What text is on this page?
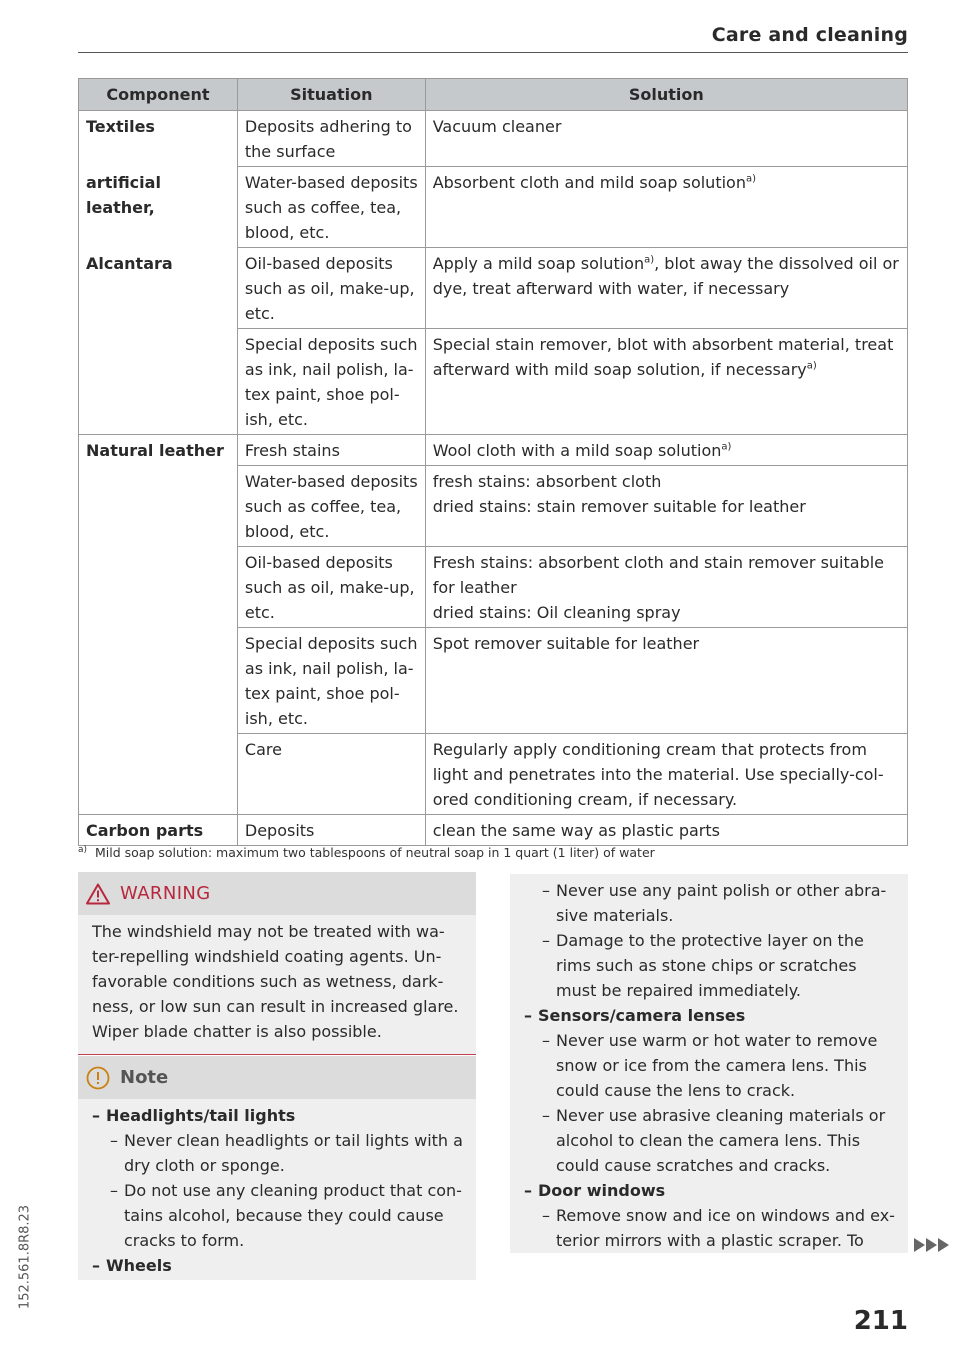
Care and cleaning
152.561.8R8.23
Component	Situation	Solution
Textiles	Deposits adhering to the surface	Vacuum cleaner
artificial leather,	Water-based deposits such as coffee, tea, blood, etc.	Absorbent cloth and mild soap solution$^{a)}$
Alcantara	Oil-based deposits such as oil, make-up, etc.	Apply a mild soap solution$^{a)}$, blot away the dissolved oil or dye, treat afterward with water, if necessary
	Special deposits such as ink, nail polish, la-tex paint, shoe pol-ish, etc.	Special stain remover, blot with absorbent material, treat afterward with mild soap solution, if necessary$^{a)}$
Natural leather	Fresh stains	Wool cloth with a mild soap solution$^{a)}$
	Water-based deposits such as coffee, tea, blood, etc.	fresh stains: absorbent cloth
dried stains: stain remover suitable for leather

	Oil-based deposits such as oil, make-up, etc.	Fresh stains: absorbent cloth and stain remover suitable for leather
dried stains: Oil cleaning spray

	Special deposits such as ink, nail polish, la-tex paint, shoe pol-ish, etc.	Spot remover suitable for leather
	Care	Regularly apply conditioning cream that protects from light and penetrates into the material. Use specially-col-ored conditioning cream, if necessary.
Carbon parts	Deposits	clean the same way as plastic parts
$^{a)}$ Mild soap solution: maximum two tablespoons of neutral soap in 1 quart (1 liter) of water
WARNING
The windshield may not be treated with wa-ter-repelling windshield coating agents. Un-favorable conditions such as wetness, dark-ness, or low sun can result in increased glare. Wiper blade chatter is also possible.
Note
– Headlights/tail lights
– Never clean headlights or tail lights with a dry cloth or sponge.
– Do not use any cleaning product that con-tains alcohol, because they could cause cracks to form.
– Wheels
– Never use any paint polish or other abra-sive materials.
– Damage to the protective layer on the rims such as stone chips or scratches must be repaired immediately.
– Sensors/camera lenses
– Never use warm or hot water to remove snow or ice from the camera lens. This could cause the lens to crack.
– Never use abrasive cleaning materials or alcohol to clean the camera lens. This could cause scratches and cracks.
– Door windows
– Remove snow and ice on windows and ex-terior mirrors with a plastic scraper. To
211
